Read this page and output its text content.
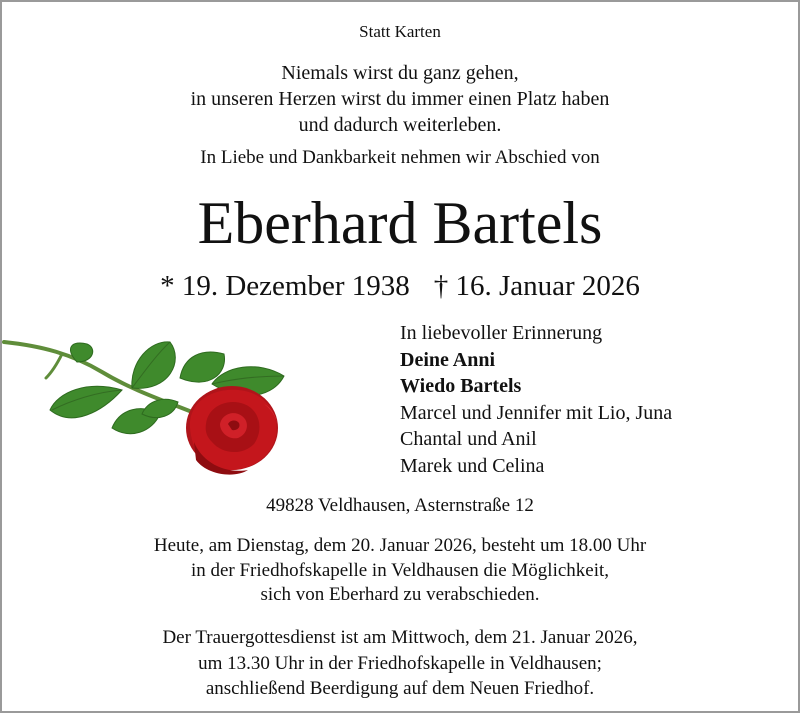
Statt Karten
Niemals wirst du ganz gehen,
in unseren Herzen wirst du immer einen Platz haben
und dadurch weiterleben.
In Liebe und Dankbarkeit nehmen wir Abschied von
Eberhard Bartels
* 19. Dezember 1938 † 16. Januar 2026
In liebevoller Erinnerung
Deine Anni
Wiedo Bartels
Marcel und Jennifer mit Lio, Juna
Chantal und Anil
Marek und Celina
49828 Veldhausen, Asternstraße 12
Heute, am Dienstag, dem 20. Januar 2026, besteht um 18.00 Uhr
in der Friedhofskapelle in Veldhausen die Möglichkeit,
sich von Eberhard zu verabschieden.
Der Trauergottesdienst ist am Mittwoch, dem 21. Januar 2026,
um 13.30 Uhr in der Friedhofskapelle in Veldhausen;
anschließend Beerdigung auf dem Neuen Friedhof.
